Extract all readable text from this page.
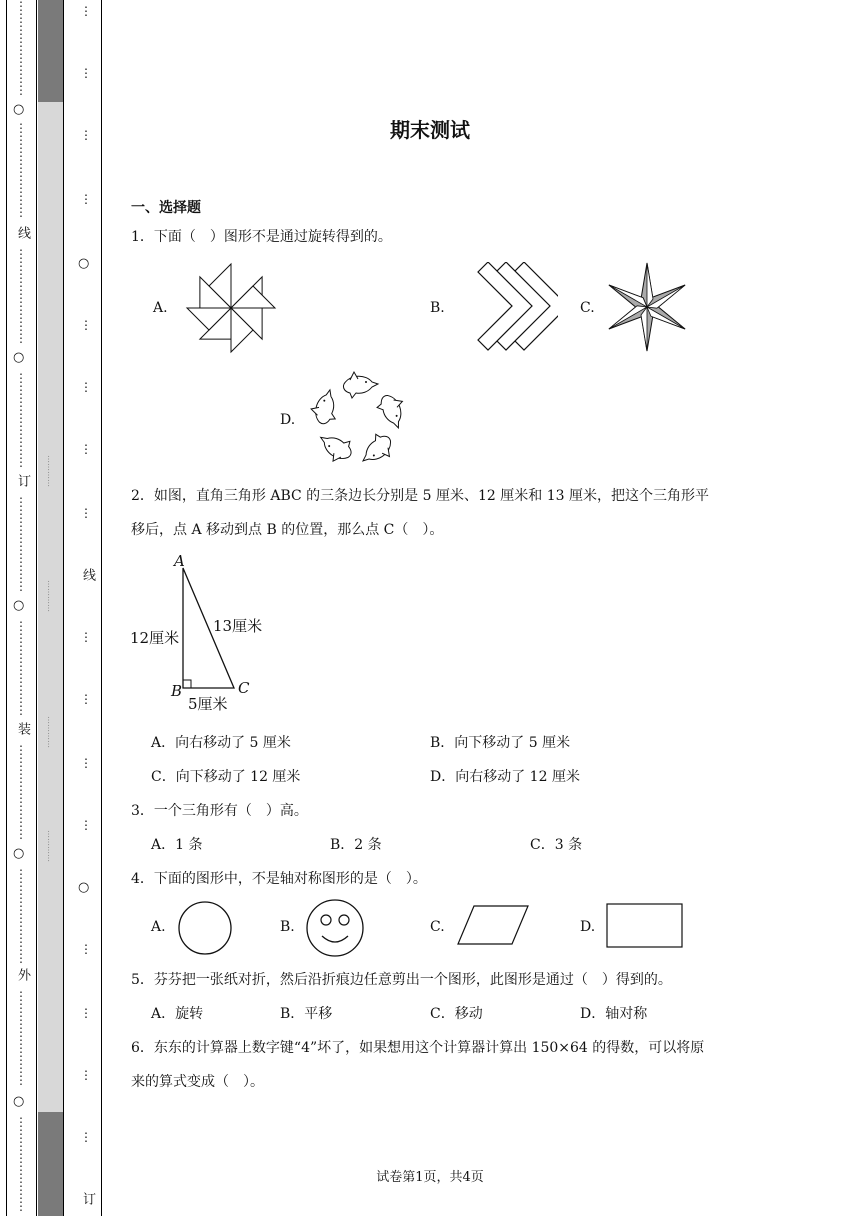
⋮
⋮
⋮
⋮
⋮
⋮
⋮
⋮
○
⋮
⋮
⋮
⋮
⋮
⋮
⋮
⋮
线
⋮
⋮
⋮
⋮
⋮
⋮
⋮
⋮
○
⋮
⋮
⋮
⋮
⋮
⋮
⋮
⋮
订
⋮
⋮
⋮
⋮
⋮
⋮
⋮
⋮
○
⋮
⋮
⋮
⋮
⋮
⋮
⋮
⋮
装
⋮
⋮
⋮
⋮
⋮
⋮
⋮
⋮
○
⋮
⋮
⋮
⋮
⋮
⋮
⋮
⋮
外
⋮
⋮
⋮
⋮
⋮
⋮
⋮
⋮
○
⋮
⋮
⋮
⋮
⋮
⋮
⋮
⋮
…………
…………
…………
…………
⋮
⋮
⋮
⋮
○
⋮
⋮
⋮
⋮
线
⋮
⋮
⋮
⋮
○
⋮
⋮
⋮
⋮
订
期末测试
一、选择题
1．下面（　）图形不是通过旋转得到的。
A.	B.	C.
D.
2．如图，直角三角形 ABC 的三条边长分别是 5 厘米、12 厘米和 13 厘米，把这个三角形平
移后，点 A 移动到点 B 的位置，那么点 C（　）。
A
B	C
12厘米
13厘米
5厘米
A．向右移动了 5 厘米	B．向下移动了 5 厘米
C．向下移动了 12 厘米	D．向右移动了 12 厘米
3．一个三角形有（　）高。
A．1 条	B．2 条	C．3 条
4．下面的图形中，不是轴对称图形的是（　）。
A.	B.	C.	D.
5．芬芬把一张纸对折，然后沿折痕边任意剪出一个图形，此图形是通过（　）得到的。
A．旋转	B．平移	C．移动	D．轴对称
6．东东的计算器上数字键“4”坏了，如果想用这个计算器计算出 150×64 的得数，可以将原
来的算式变成（　）。
试卷第1页，共4页
